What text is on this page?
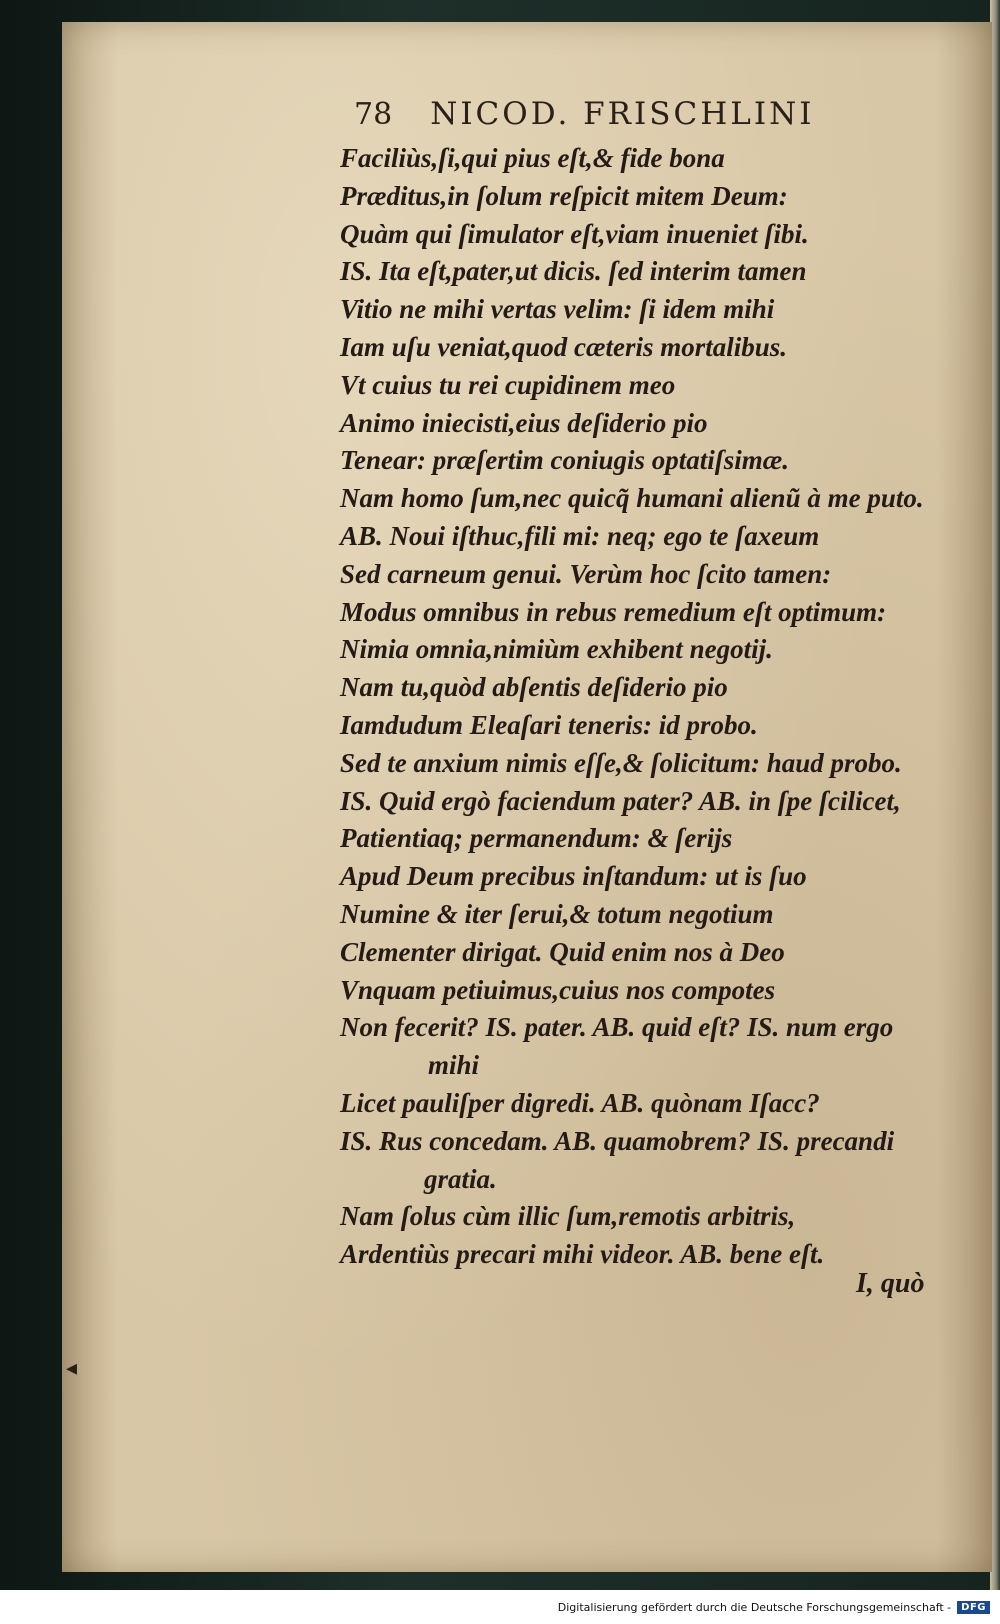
78 NICOD. FRISCHLINI
Faciliùs,ſi,qui pius eſt,& fide bona
Præditus,in ſolum reſpicit mitem Deum:
Quàm qui ſimulator eſt,viam inueniet ſibi.
IS. Ita eſt,pater,ut dicis. ſed interim tamen
Vitio ne mihi vertas velim: ſi idem mihi
Iam uſu veniat,quod cæteris mortalibus.
Vt cuius tu rei cupidinem meo
Animo iniecisti,eius deſiderio pio
Tenear: præſertim coniugis optatiſsimæ.
Nam homo ſum,nec quicq̃ humani alienũ à me puto.
AB. Noui iſthuc,fili mi: neq; ego te ſaxeum
Sed carneum genui. Verùm hoc ſcito tamen:
Modus omnibus in rebus remedium eſt optimum:
Nimia omnia,nimiùm exhibent negotij.
Nam tu,quòd abſentis deſiderio pio
Iamdudum Eleaſari teneris: id probo.
Sed te anxium nimis eſſe,& ſolicitum: haud probo.
IS. Quid ergò faciendum pater? AB. in ſpe ſcilicet,
Patientiaq; permanendum: & ſerijs
Apud Deum precibus inſtandum: ut is ſuo
Numine & iter ſerui,& totum negotium
Clementer dirigat. Quid enim nos à Deo
Vnquam petiuimus,cuius nos compotes
Non fecerit? IS. pater. AB. quid eſt? IS. num ergo
mihi
Licet pauliſper digredi. AB. quònam Iſacc?
IS. Rus concedam. AB. quamobrem? IS. precandi
gratia.
Nam ſolus cùm illic ſum,remotis arbitris,
Ardentiùs precari mihi videor. AB. bene eſt.
I, quò
◂
Digitalisierung gefördert durch die Deutsche Forschungsgemeinschaft -	DFG
